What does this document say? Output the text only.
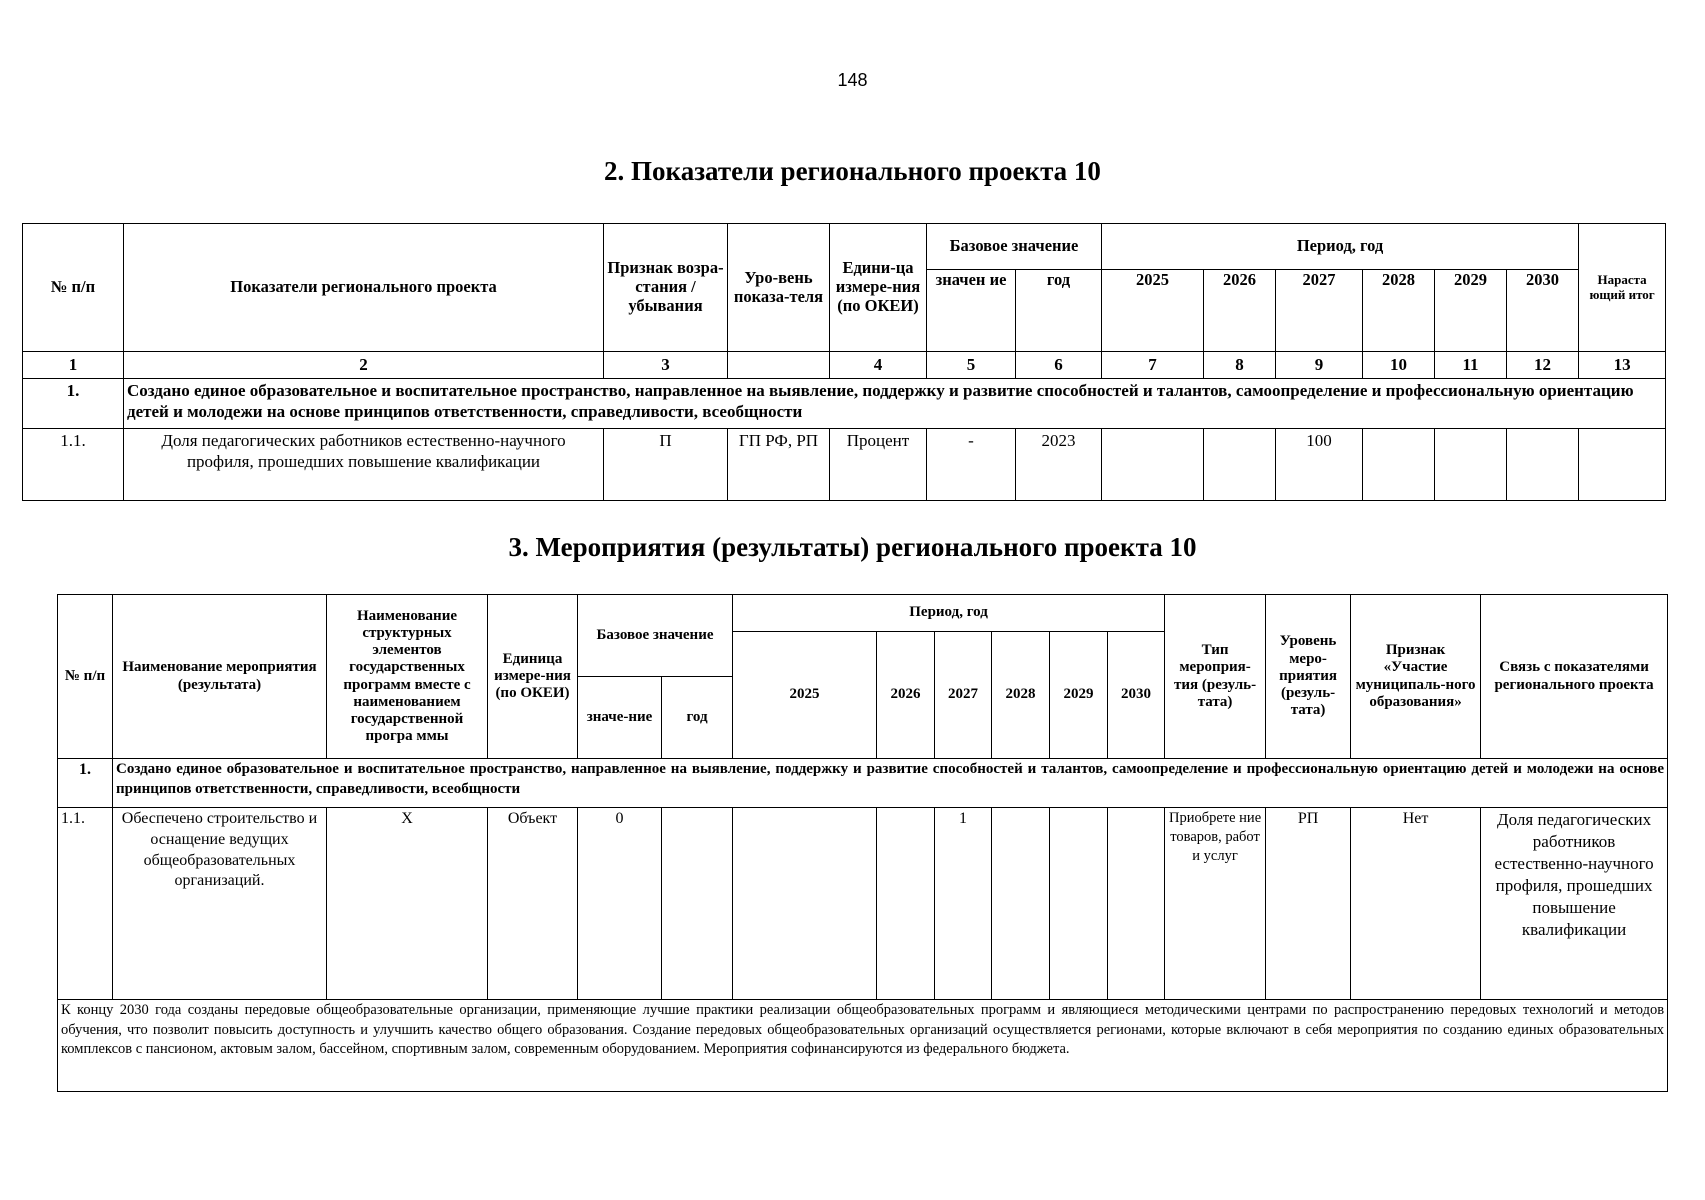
148
2. Показатели регионального проекта 10
№ п/п	Показатели регионального проекта	Признак возра-стания / убывания	Уро-вень показа-теля	Едини-ца измере-ния (по ОКЕИ)	Базовое значение		Период, год						Нараста ющий итог
					значен ие	год	2025	2026	2027	2028	2029	2030	
1	2	3		4	5	6	7	8	9	10	11	12	13
1.	Создано единое образовательное и воспитательное пространство, направленное на выявление, поддержку и развитие способностей и талантов, самоопределение и профессиональную ориентацию детей и молодежи на основе принципов ответственности, справедливости, всеобщности												
1.1.	Доля педагогических работников естественно-научного профиля, прошедших повышение квалификации	П	ГП РФ, РП	Процент	-	2023			100				
3. Мероприятия (результаты) регионального проекта 10
№ п/п	Наименование мероприятия (результата)	Наименование структурных элементов государственных программ вместе с наименованием государственной програ ммы	Единица измере-ния (по ОКЕИ)	Базовое значение		Период, год						Тип мероприя-тия (резуль-тата)	Уровень меро-приятия (резуль-тата)	Признак «Участие муниципаль-ного образования»	Связь с показателями регионального проекта
						2025	2026	2027	2028	2029	2030				
				значе-ние	год										
1.	Создано единое образовательное и воспитательное пространство, направленное на выявление, поддержку и развитие способностей и талантов, самоопределение и профессиональную ориентацию детей и молодежи на основе принципов ответственности, справедливости, всеобщности														
1.1.	Обеспечено строительство и оснащение ведущих общеобразовательных организаций.	X	Объект	0				1				Приобрете ние товаров, работ и услуг	РП	Нет	Доля педагогических работников естественно-научного профиля, прошедших повышение квалификации
К концу 2030 года созданы передовые общеобразовательные организации, применяющие лучшие практики реализации общеобразовательных программ и являющиеся методическими центрами по распространению передовых технологий и методов обучения, что позволит повысить доступность и улучшить качество общего образования. Создание передовых общеобразовательных организаций осуществляется регионами, которые включают в себя мероприятия по созданию единых образовательных комплексов с пансионом, актовым залом, бассейном, спортивным залом, современным оборудованием. Мероприятия софинансируются из федерального бюджета.															
